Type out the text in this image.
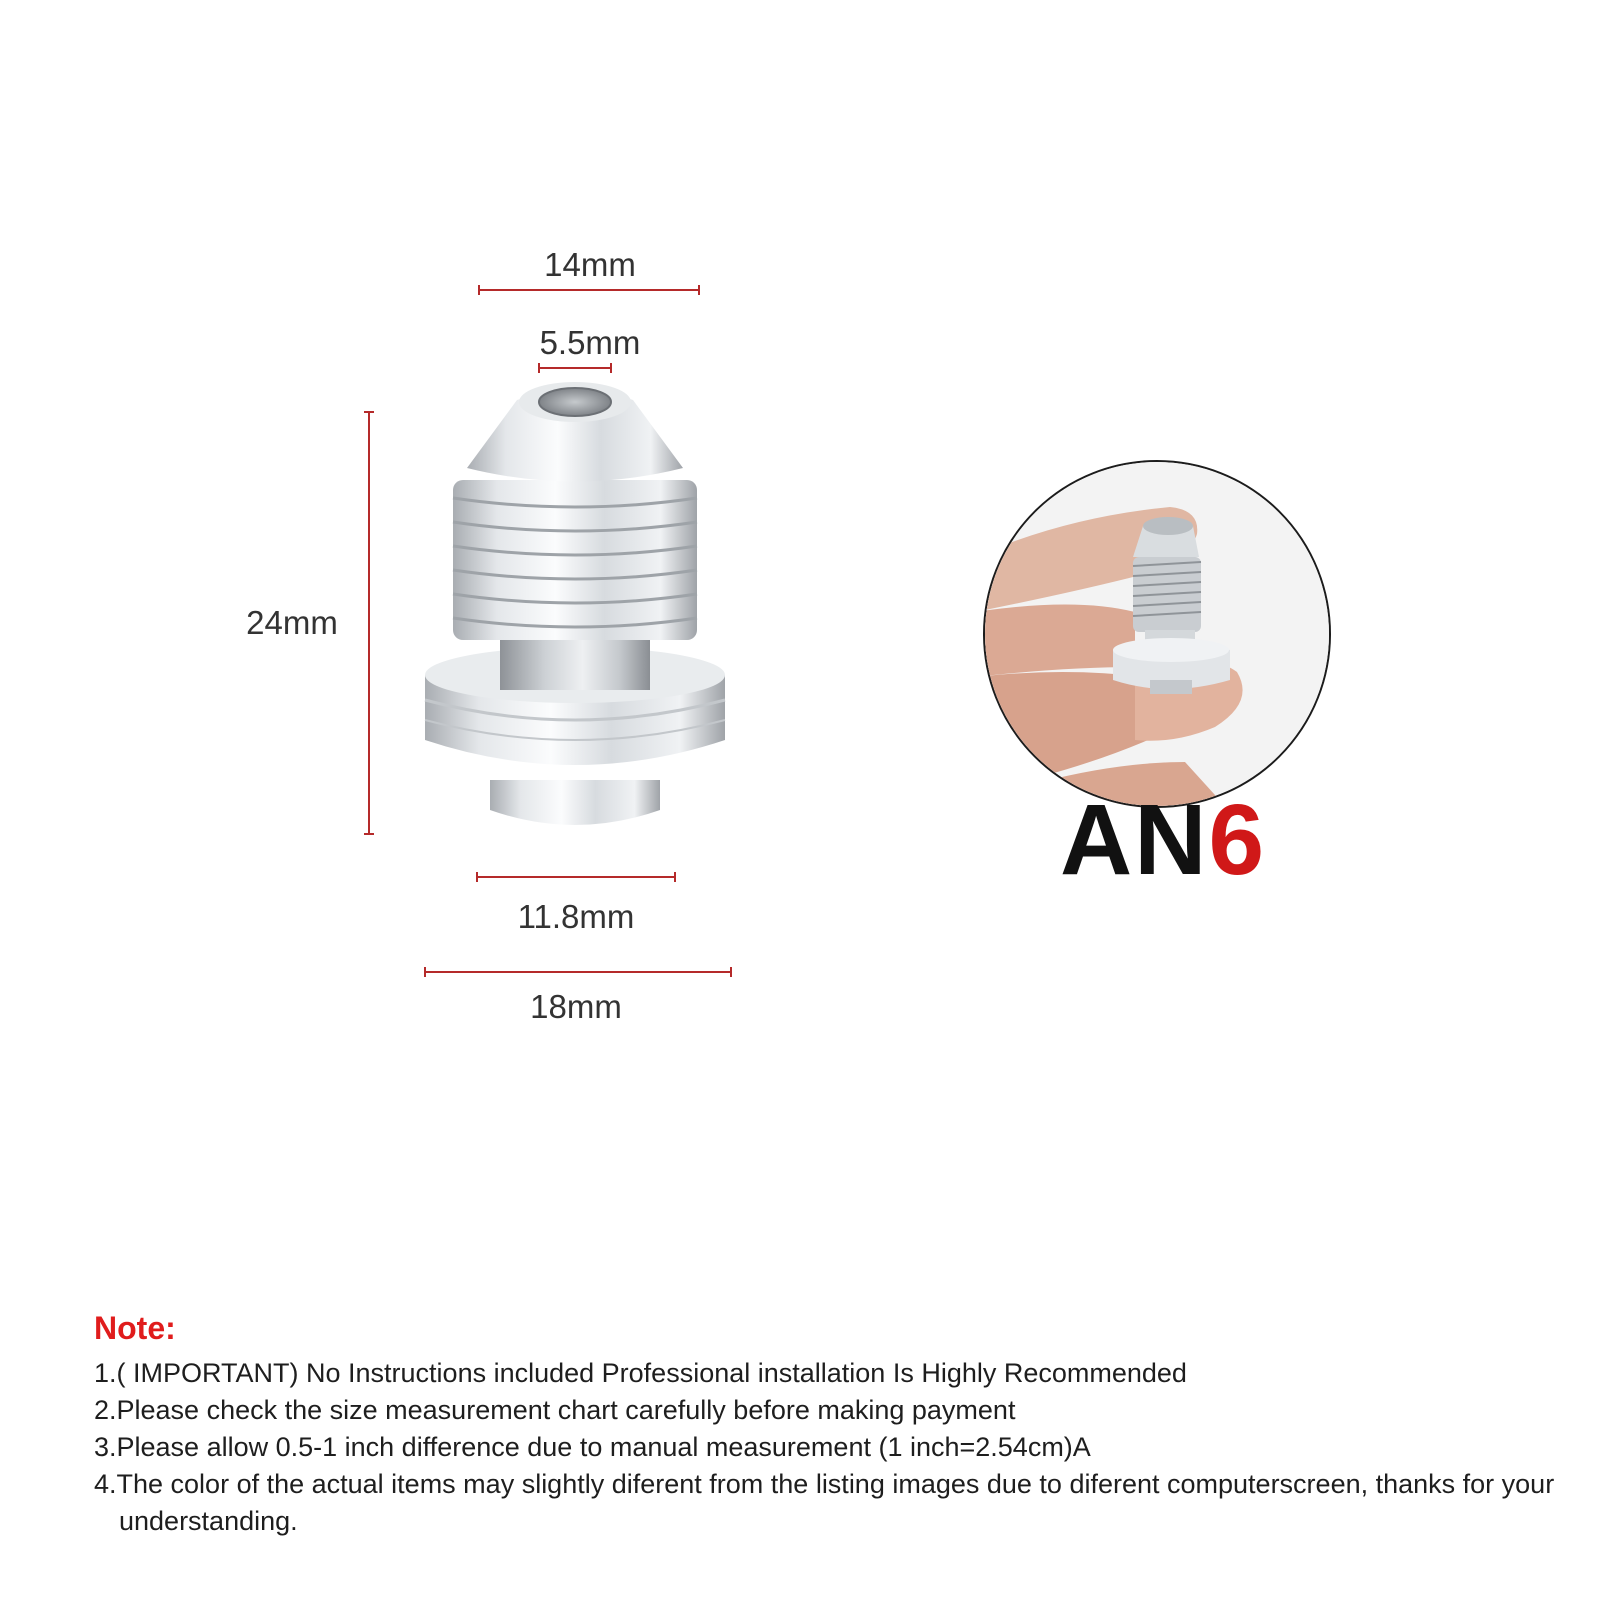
14mm
5.5mm
24mm
11.8mm
18mm
AN6
Note:
1.( IMPORTANT) No Instructions included Professional installation Is Highly Recommended
2.Please check the size measurement chart carefully before making payment
3.Please allow 0.5-1 inch difference due to manual measurement (1 inch=2.54cm)A
4.The color of the actual items may slightly diferent from the listing images due to diferent computerscreen, thanks for your understanding.
